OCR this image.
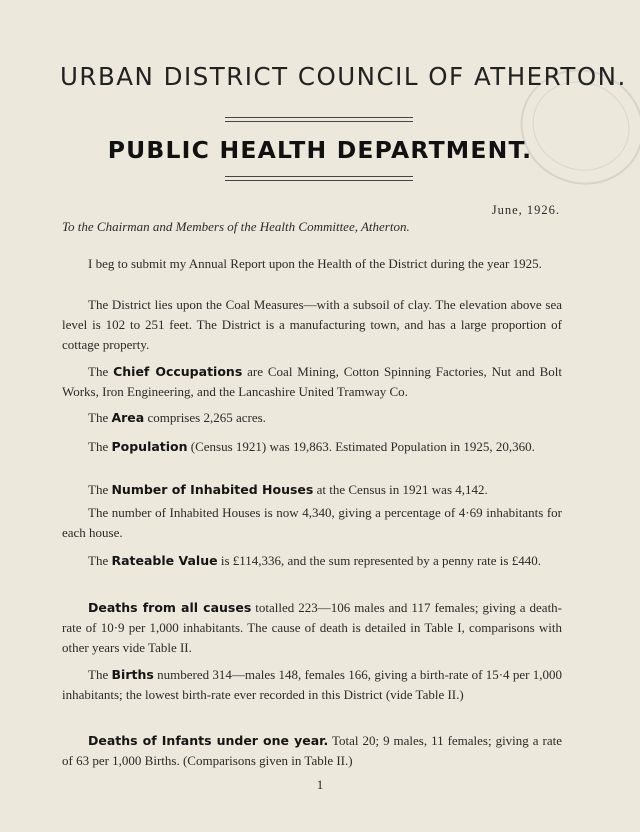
URBAN DISTRICT COUNCIL OF ATHERTON.
PUBLIC HEALTH DEPARTMENT.
June, 1926.
To the Chairman and Members of the Health Committee, Atherton.
I beg to submit my Annual Report upon the Health of the District during the year 1925.
The District lies upon the Coal Measures—with a subsoil of clay. The elevation above sea level is 102 to 251 feet. The District is a manufacturing town, and has a large proportion of cottage property.
The Chief Occupations are Coal Mining, Cotton Spinning Factories, Nut and Bolt Works, Iron Engineering, and the Lancashire United Tramway Co.
The Area comprises 2,265 acres.
The Population (Census 1921) was 19,863. Estimated Population in 1925, 20,360.
The Number of Inhabited Houses at the Census in 1921 was 4,142.
The number of Inhabited Houses is now 4,340, giving a percentage of 4·69 inhabitants for each house.
The Rateable Value is £114,336, and the sum represented by a penny rate is £440.
Deaths from all causes totalled 223—106 males and 117 females; giving a death-rate of 10·9 per 1,000 inhabitants. The cause of death is detailed in Table I, comparisons with other years vide Table II.
The Births numbered 314—males 148, females 166, giving a birth-rate of 15·4 per 1,000 inhabitants; the lowest birth-rate ever recorded in this District (vide Table II.)
Deaths of Infants under one year. Total 20; 9 males, 11 females; giving a rate of 63 per 1,000 Births. (Comparisons given in Table II.)
1
